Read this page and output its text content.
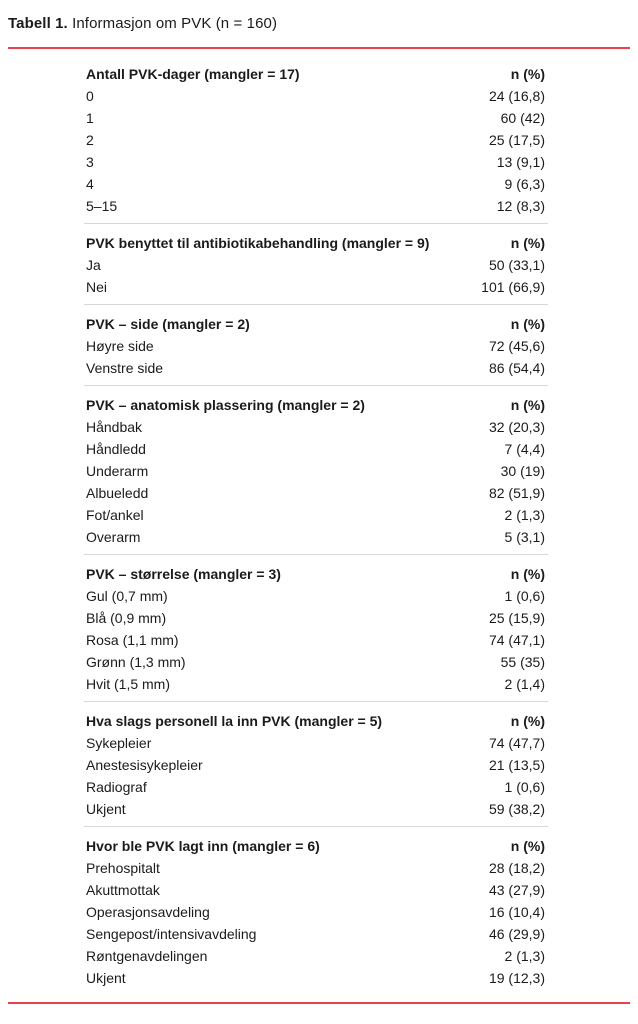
Tabell 1. Informasjon om PVK (n = 160)

Antall PVK-dager (mangler = 17)	n (%)
0	24 (16,8)
1	60 (42)
2	25 (17,5)
3	13 (9,1)
4	9 (6,3)
5–15	12 (8,3)
PVK benyttet til antibiotikabehandling (mangler = 9)	n (%)
Ja	50 (33,1)
Nei	101 (66,9)
PVK – side (mangler = 2)	n (%)
Høyre side	72 (45,6)
Venstre side	86 (54,4)
PVK – anatomisk plassering (mangler = 2)	n (%)
Håndbak	32 (20,3)
Håndledd	7 (4,4)
Underarm	30 (19)
Albueledd	82 (51,9)
Fot/ankel	2 (1,3)
Overarm	5 (3,1)
PVK – størrelse (mangler = 3)	n (%)
Gul (0,7 mm)	1 (0,6)
Blå (0,9 mm)	25 (15,9)
Rosa (1,1 mm)	74 (47,1)
Grønn (1,3 mm)	55 (35)
Hvit (1,5 mm)	2 (1,4)
Hva slags personell la inn PVK (mangler = 5)	n (%)
Sykepleier	74 (47,7)
Anestesisykepleier	21 (13,5)
Radiograf	1 (0,6)
Ukjent	59 (38,2)
Hvor ble PVK lagt inn (mangler = 6)	n (%)
Prehospitalt	28 (18,2)
Akuttmottak	43 (27,9)
Operasjonsavdeling	16 (10,4)
Sengepost/intensivavdeling	46 (29,9)
Røntgenavdelingen	2 (1,3)
Ukjent	19 (12,3)
